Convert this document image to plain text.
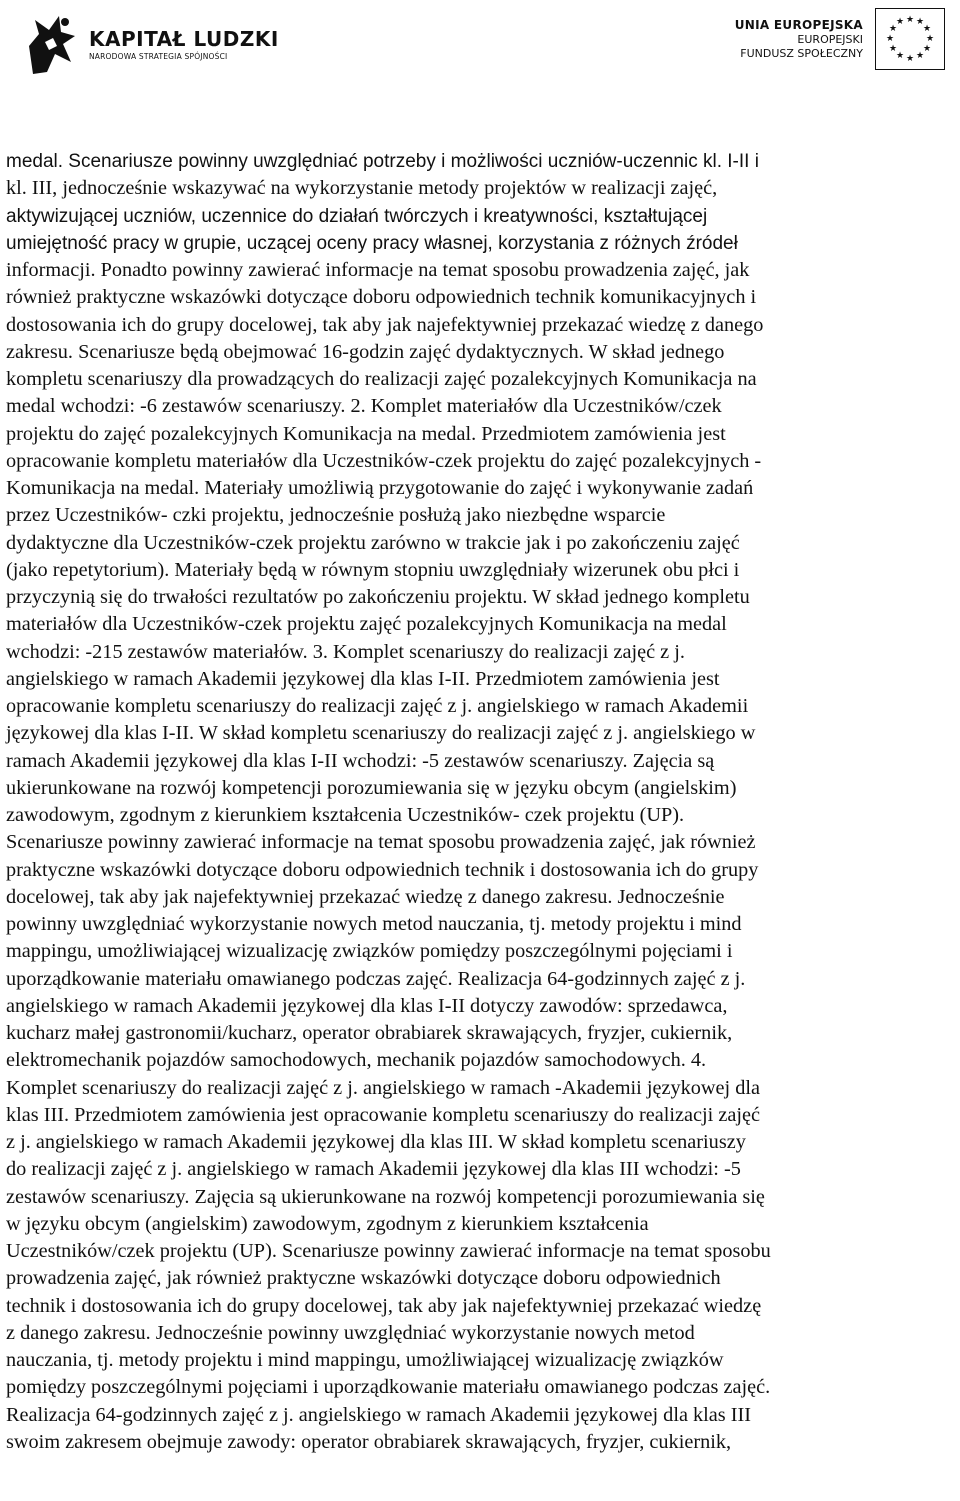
KAPITAŁ LUDZKI
NARODOWA STRATEGIA SPÓJNOŚCI
UNIA EUROPEJSKA
EUROPEJSKI
FUNDUSZ SPOŁECZNY
★ ★
★
★
★
★
★
★
★
★
★
★
medal. Scenariusze powinny uwzględniać potrzeby i możliwości uczniów-uczennic kl. I-II i
kl. III, jednocześnie wskazywać na wykorzystanie metody projektów w realizacji zajęć,
aktywizującej uczniów, uczennice do działań twórczych i kreatywności, kształtującej
umiejętność pracy w grupie, uczącej oceny pracy własnej, korzystania z różnych źródeł
informacji. Ponadto powinny zawierać informacje na temat sposobu prowadzenia zajęć, jak
również praktyczne wskazówki dotyczące doboru odpowiednich technik komunikacyjnych i
dostosowania ich do grupy docelowej, tak aby jak najefektywniej przekazać wiedzę z danego
zakresu. Scenariusze będą obejmować 16-godzin zajęć dydaktycznych. W skład jednego
kompletu scenariuszy dla prowadzących do realizacji zajęć pozalekcyjnych Komunikacja na
medal wchodzi: -6 zestawów scenariuszy. 2. Komplet materiałów dla Uczestników/czek
projektu do zajęć pozalekcyjnych Komunikacja na medal. Przedmiotem zamówienia jest
opracowanie kompletu materiałów dla Uczestników-czek projektu do zajęć pozalekcyjnych -
Komunikacja na medal. Materiały umożliwią przygotowanie do zajęć i wykonywanie zadań
przez Uczestników- czki projektu, jednocześnie posłużą jako niezbędne wsparcie
dydaktyczne dla Uczestników-czek projektu zarówno w trakcie jak i po zakończeniu zajęć
(jako repetytorium). Materiały będą w równym stopniu uwzględniały wizerunek obu płci i
przyczynią się do trwałości rezultatów po zakończeniu projektu. W skład jednego kompletu
materiałów dla Uczestników-czek projektu zajęć pozalekcyjnych Komunikacja na medal
wchodzi: -215 zestawów materiałów. 3. Komplet scenariuszy do realizacji zajęć z j.
angielskiego w ramach Akademii językowej dla klas I-II. Przedmiotem zamówienia jest
opracowanie kompletu scenariuszy do realizacji zajęć z j. angielskiego w ramach Akademii
językowej dla klas I-II. W skład kompletu scenariuszy do realizacji zajęć z j. angielskiego w
ramach Akademii językowej dla klas I-II wchodzi: -5 zestawów scenariuszy. Zajęcia są
ukierunkowane na rozwój kompetencji porozumiewania się w języku obcym (angielskim)
zawodowym, zgodnym z kierunkiem kształcenia Uczestników- czek projektu (UP).
Scenariusze powinny zawierać informacje na temat sposobu prowadzenia zajęć, jak również
praktyczne wskazówki dotyczące doboru odpowiednich technik i dostosowania ich do grupy
docelowej, tak aby jak najefektywniej przekazać wiedzę z danego zakresu. Jednocześnie
powinny uwzględniać wykorzystanie nowych metod nauczania, tj. metody projektu i mind
mappingu, umożliwiającej wizualizację związków pomiędzy poszczególnymi pojęciami i
uporządkowanie materiału omawianego podczas zajęć. Realizacja 64-godzinnych zajęć z j.
angielskiego w ramach Akademii językowej dla klas I-II dotyczy zawodów: sprzedawca,
kucharz małej gastronomii/kucharz, operator obrabiarek skrawających, fryzjer, cukiernik,
elektromechanik pojazdów samochodowych, mechanik pojazdów samochodowych. 4.
Komplet scenariuszy do realizacji zajęć z j. angielskiego w ramach -Akademii językowej dla
klas III. Przedmiotem zamówienia jest opracowanie kompletu scenariuszy do realizacji zajęć
z j. angielskiego w ramach Akademii językowej dla klas III. W skład kompletu scenariuszy
do realizacji zajęć z j. angielskiego w ramach Akademii językowej dla klas III wchodzi: -5
zestawów scenariuszy. Zajęcia są ukierunkowane na rozwój kompetencji porozumiewania się
w języku obcym (angielskim) zawodowym, zgodnym z kierunkiem kształcenia
Uczestników/czek projektu (UP). Scenariusze powinny zawierać informacje na temat sposobu
prowadzenia zajęć, jak również praktyczne wskazówki dotyczące doboru odpowiednich
technik i dostosowania ich do grupy docelowej, tak aby jak najefektywniej przekazać wiedzę
z danego zakresu. Jednocześnie powinny uwzględniać wykorzystanie nowych metod
nauczania, tj. metody projektu i mind mappingu, umożliwiającej wizualizację związków
pomiędzy poszczególnymi pojęciami i uporządkowanie materiału omawianego podczas zajęć.
Realizacja 64-godzinnych zajęć z j. angielskiego w ramach Akademii językowej dla klas III
swoim zakresem obejmuje zawody: operator obrabiarek skrawających, fryzjer, cukiernik,
